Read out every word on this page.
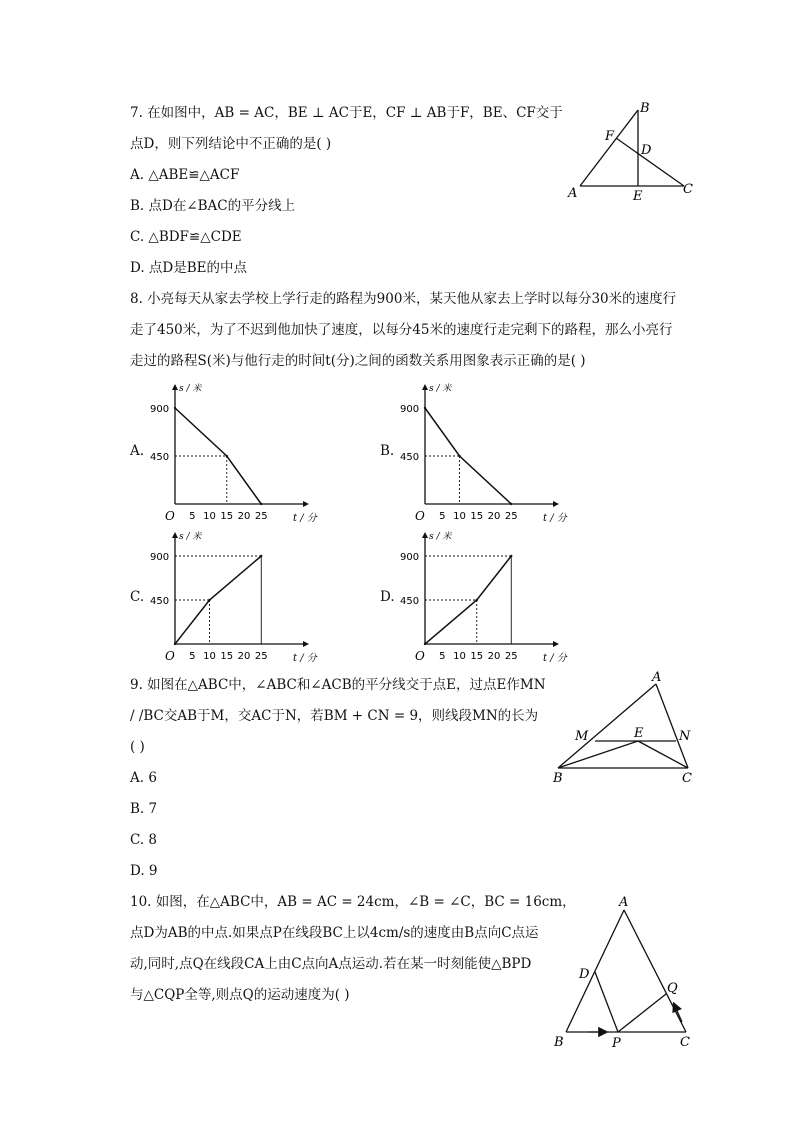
7. 在如图中，AB = AC，BE ⊥ AC于E，CF ⊥ AB于F，BE、CF交于
点D，则下列结论中不正确的是( )
A. △ABE≌△ACF
B. 点D在∠BAC的平分线上
C. △BDF≌△CDE
D. 点D是BE的中点
A
B
C
D
E
F
8. 小亮每天从家去学校上学行走的路程为900米，某天他从家去上学时以每分30米的速度行
走了450米，为了不迟到他加快了速度，以每分45米的速度行走完剩下的路程，那么小亮行
走过的路程S(米)与他行走的时间t(分)之间的函数关系用图象表示正确的是( )
A.	B.
C.	D.
s / 米
t / 分
O
900
450
5 10 15 20 25
s / 米
t / 分
O
900
450
5 10 15 20 25
s / 米
t / 分
O
900
450
5 10 15 20 25
s / 米
t / 分
O
900
450
5 10 15 20 25
9. 如图在△ABC中，∠ABC和∠ACB的平分线交于点E，过点E作MN
/ /BC交AB于M，交AC于N，若BM + CN = 9，则线段MN的长为
( )
A. 6
B. 7
C. 8
D. 9
A
B	C
E
M	N
10. 如图，在△ABC中，AB = AC = 24cm，∠B = ∠C，BC = 16cm，
点D为AB的中点.如果点P在线段BC上以4cm/s的速度由B点向C点运
动,同时,点Q在线段CA上由C点向A点运动.若在某一时刻能使△BPD
与△CQP全等,则点Q的运动速度为( )
A
B	C
D
P
Q
